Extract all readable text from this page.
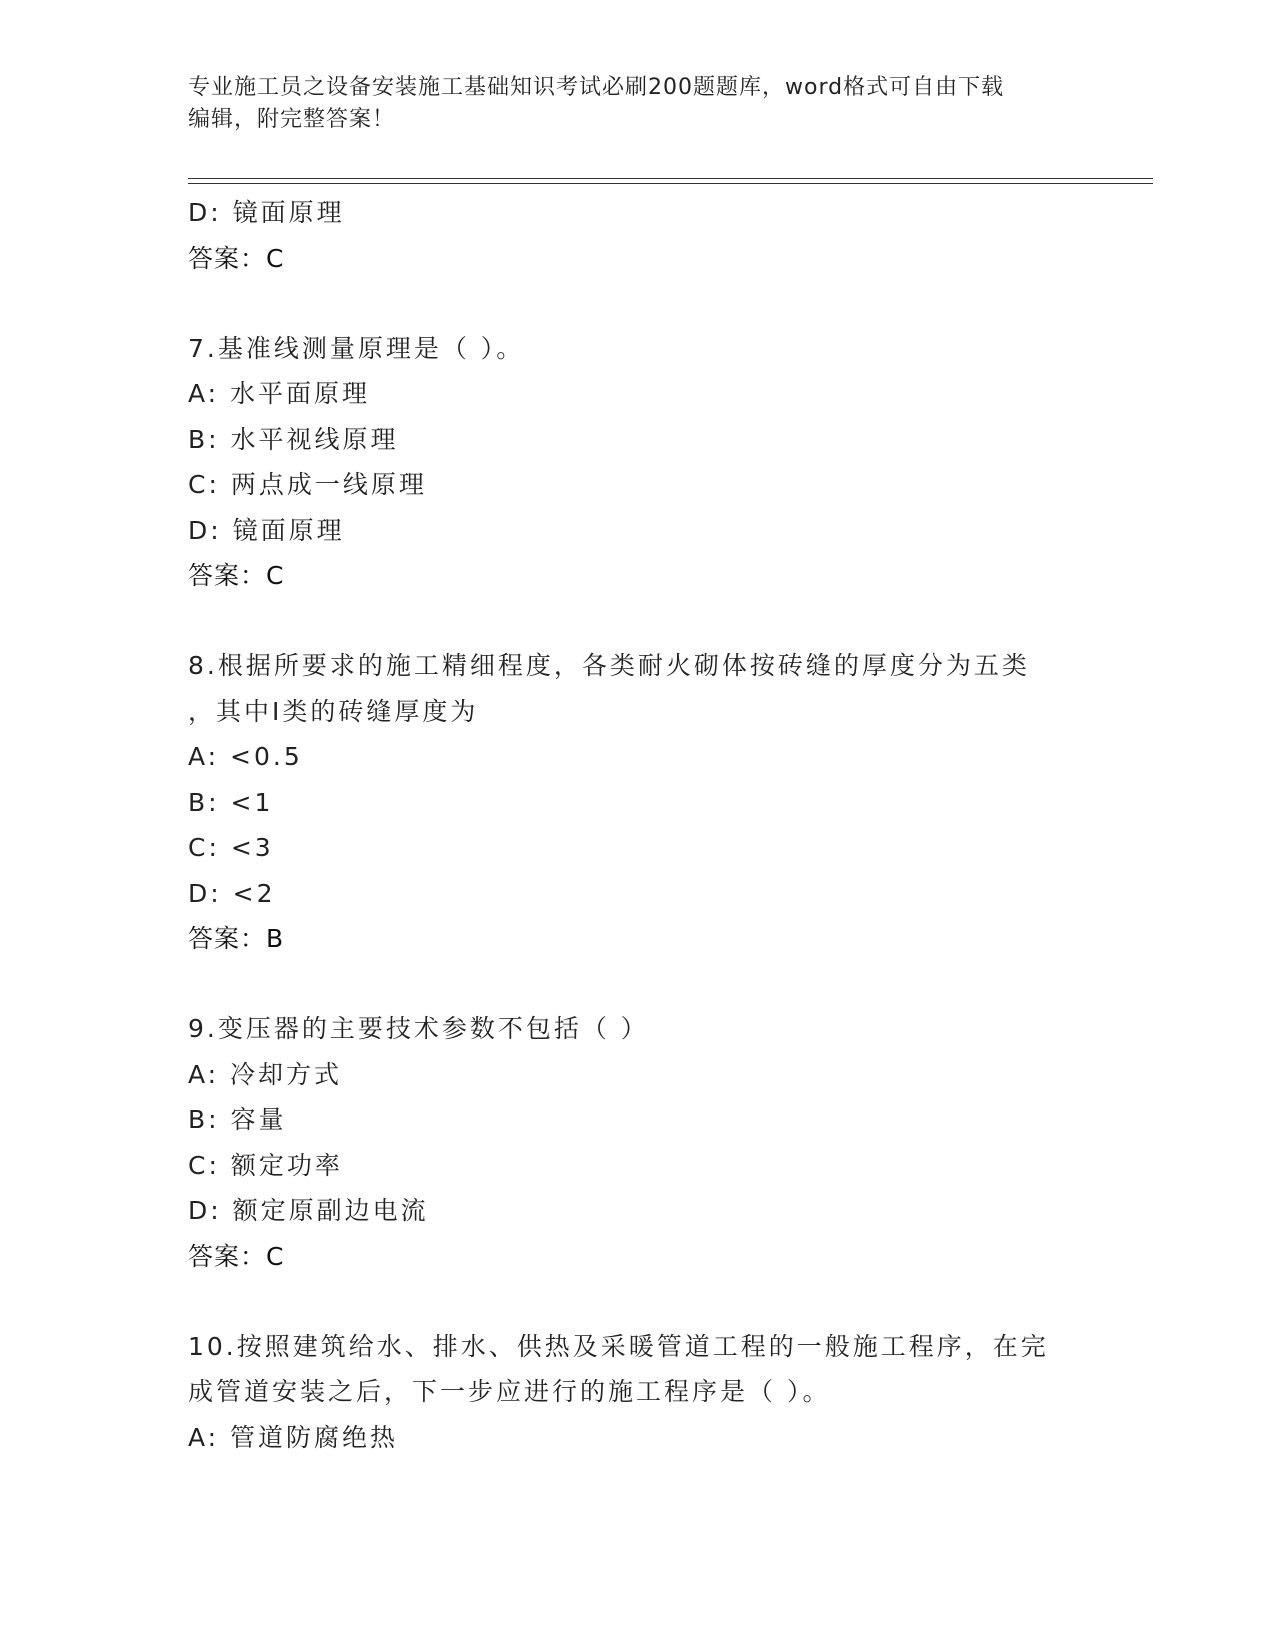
专业施工员之设备安装施工基础知识考试必刷200题题库，word格式可自由下载
编辑，附完整答案！
D: 镜面原理
答案：C
7.基准线测量原理是（ ）。
A: 水平面原理
B: 水平视线原理
C: 两点成一线原理
D: 镜面原理
答案：C
8.根据所要求的施工精细程度，各类耐火砌体按砖缝的厚度分为五类
，其中I类的砖缝厚度为
A: <0.5
B: <1
C: <3
D: <2
答案：B
9.变压器的主要技术参数不包括（ ）
A: 冷却方式
B: 容量
C: 额定功率
D: 额定原副边电流
答案：C
10.按照建筑给水、排水、供热及采暖管道工程的一般施工程序，在完
成管道安装之后，下一步应进行的施工程序是（ ）。
A: 管道防腐绝热
